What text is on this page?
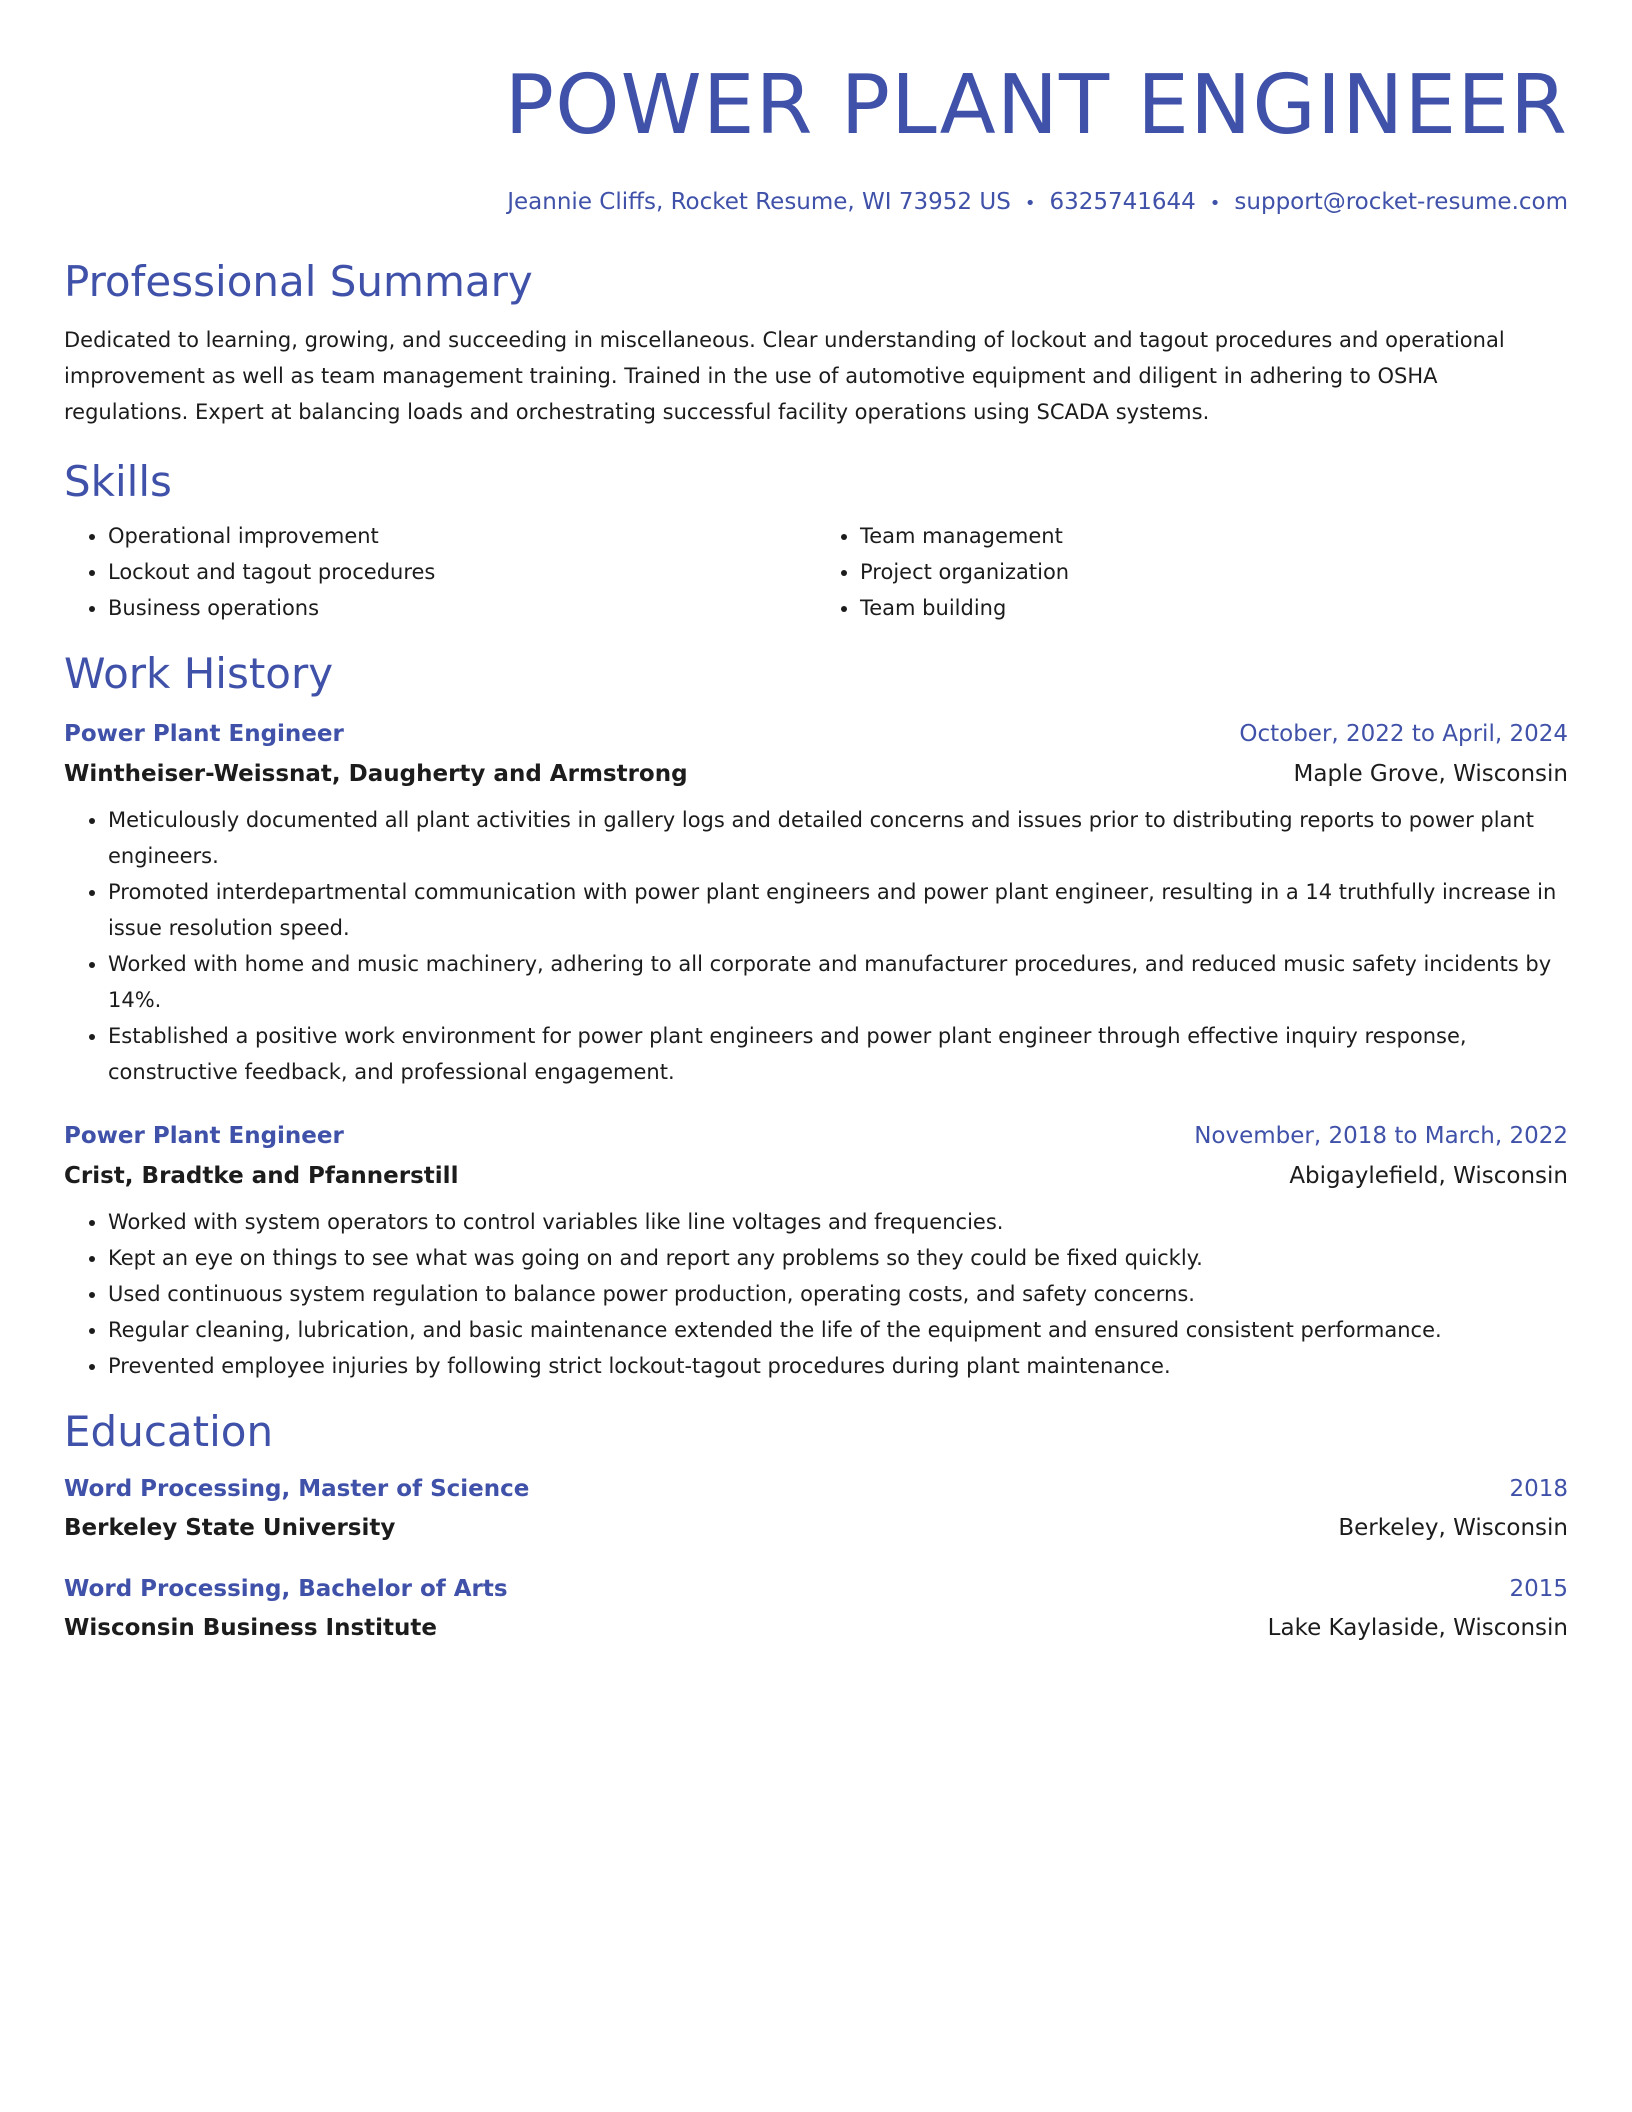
POWER PLANT ENGINEER
Jeannie Cliffs, Rocket Resume, WI 73952 US • 6325741644 • support@rocket-resume.com
Professional Summary
Dedicated to learning, growing, and succeeding in miscellaneous. Clear understanding of lockout and tagout procedures and operational improvement as well as team management training. Trained in the use of automotive equipment and diligent in adhering to OSHA regulations. Expert at balancing loads and orchestrating successful facility operations using SCADA systems.
Skills
• Operational improvement
• Lockout and tagout procedures
• Business operations
• Team management
• Project organization
• Team building
Work History
Power Plant Engineer	October, 2022 to April, 2024
Wintheiser-Weissnat, Daugherty and Armstrong	Maple Grove, Wisconsin
• Meticulously documented all plant activities in gallery logs and detailed concerns and issues prior to distributing reports to power plant engineers.
• Promoted interdepartmental communication with power plant engineers and power plant engineer, resulting in a 14 truthfully increase in issue resolution speed.
• Worked with home and music machinery, adhering to all corporate and manufacturer procedures, and reduced music safety incidents by 14%.
• Established a positive work environment for power plant engineers and power plant engineer through effective inquiry response, constructive feedback, and professional engagement.
Power Plant Engineer	November, 2018 to March, 2022
Crist, Bradtke and Pfannerstill	Abigaylefield, Wisconsin
• Worked with system operators to control variables like line voltages and frequencies.
• Kept an eye on things to see what was going on and report any problems so they could be fixed quickly.
• Used continuous system regulation to balance power production, operating costs, and safety concerns.
• Regular cleaning, lubrication, and basic maintenance extended the life of the equipment and ensured consistent performance.
• Prevented employee injuries by following strict lockout-tagout procedures during plant maintenance.
Education
Word Processing, Master of Science	2018
Berkeley State University	Berkeley, Wisconsin
Word Processing, Bachelor of Arts	2015
Wisconsin Business Institute	Lake Kaylaside, Wisconsin
